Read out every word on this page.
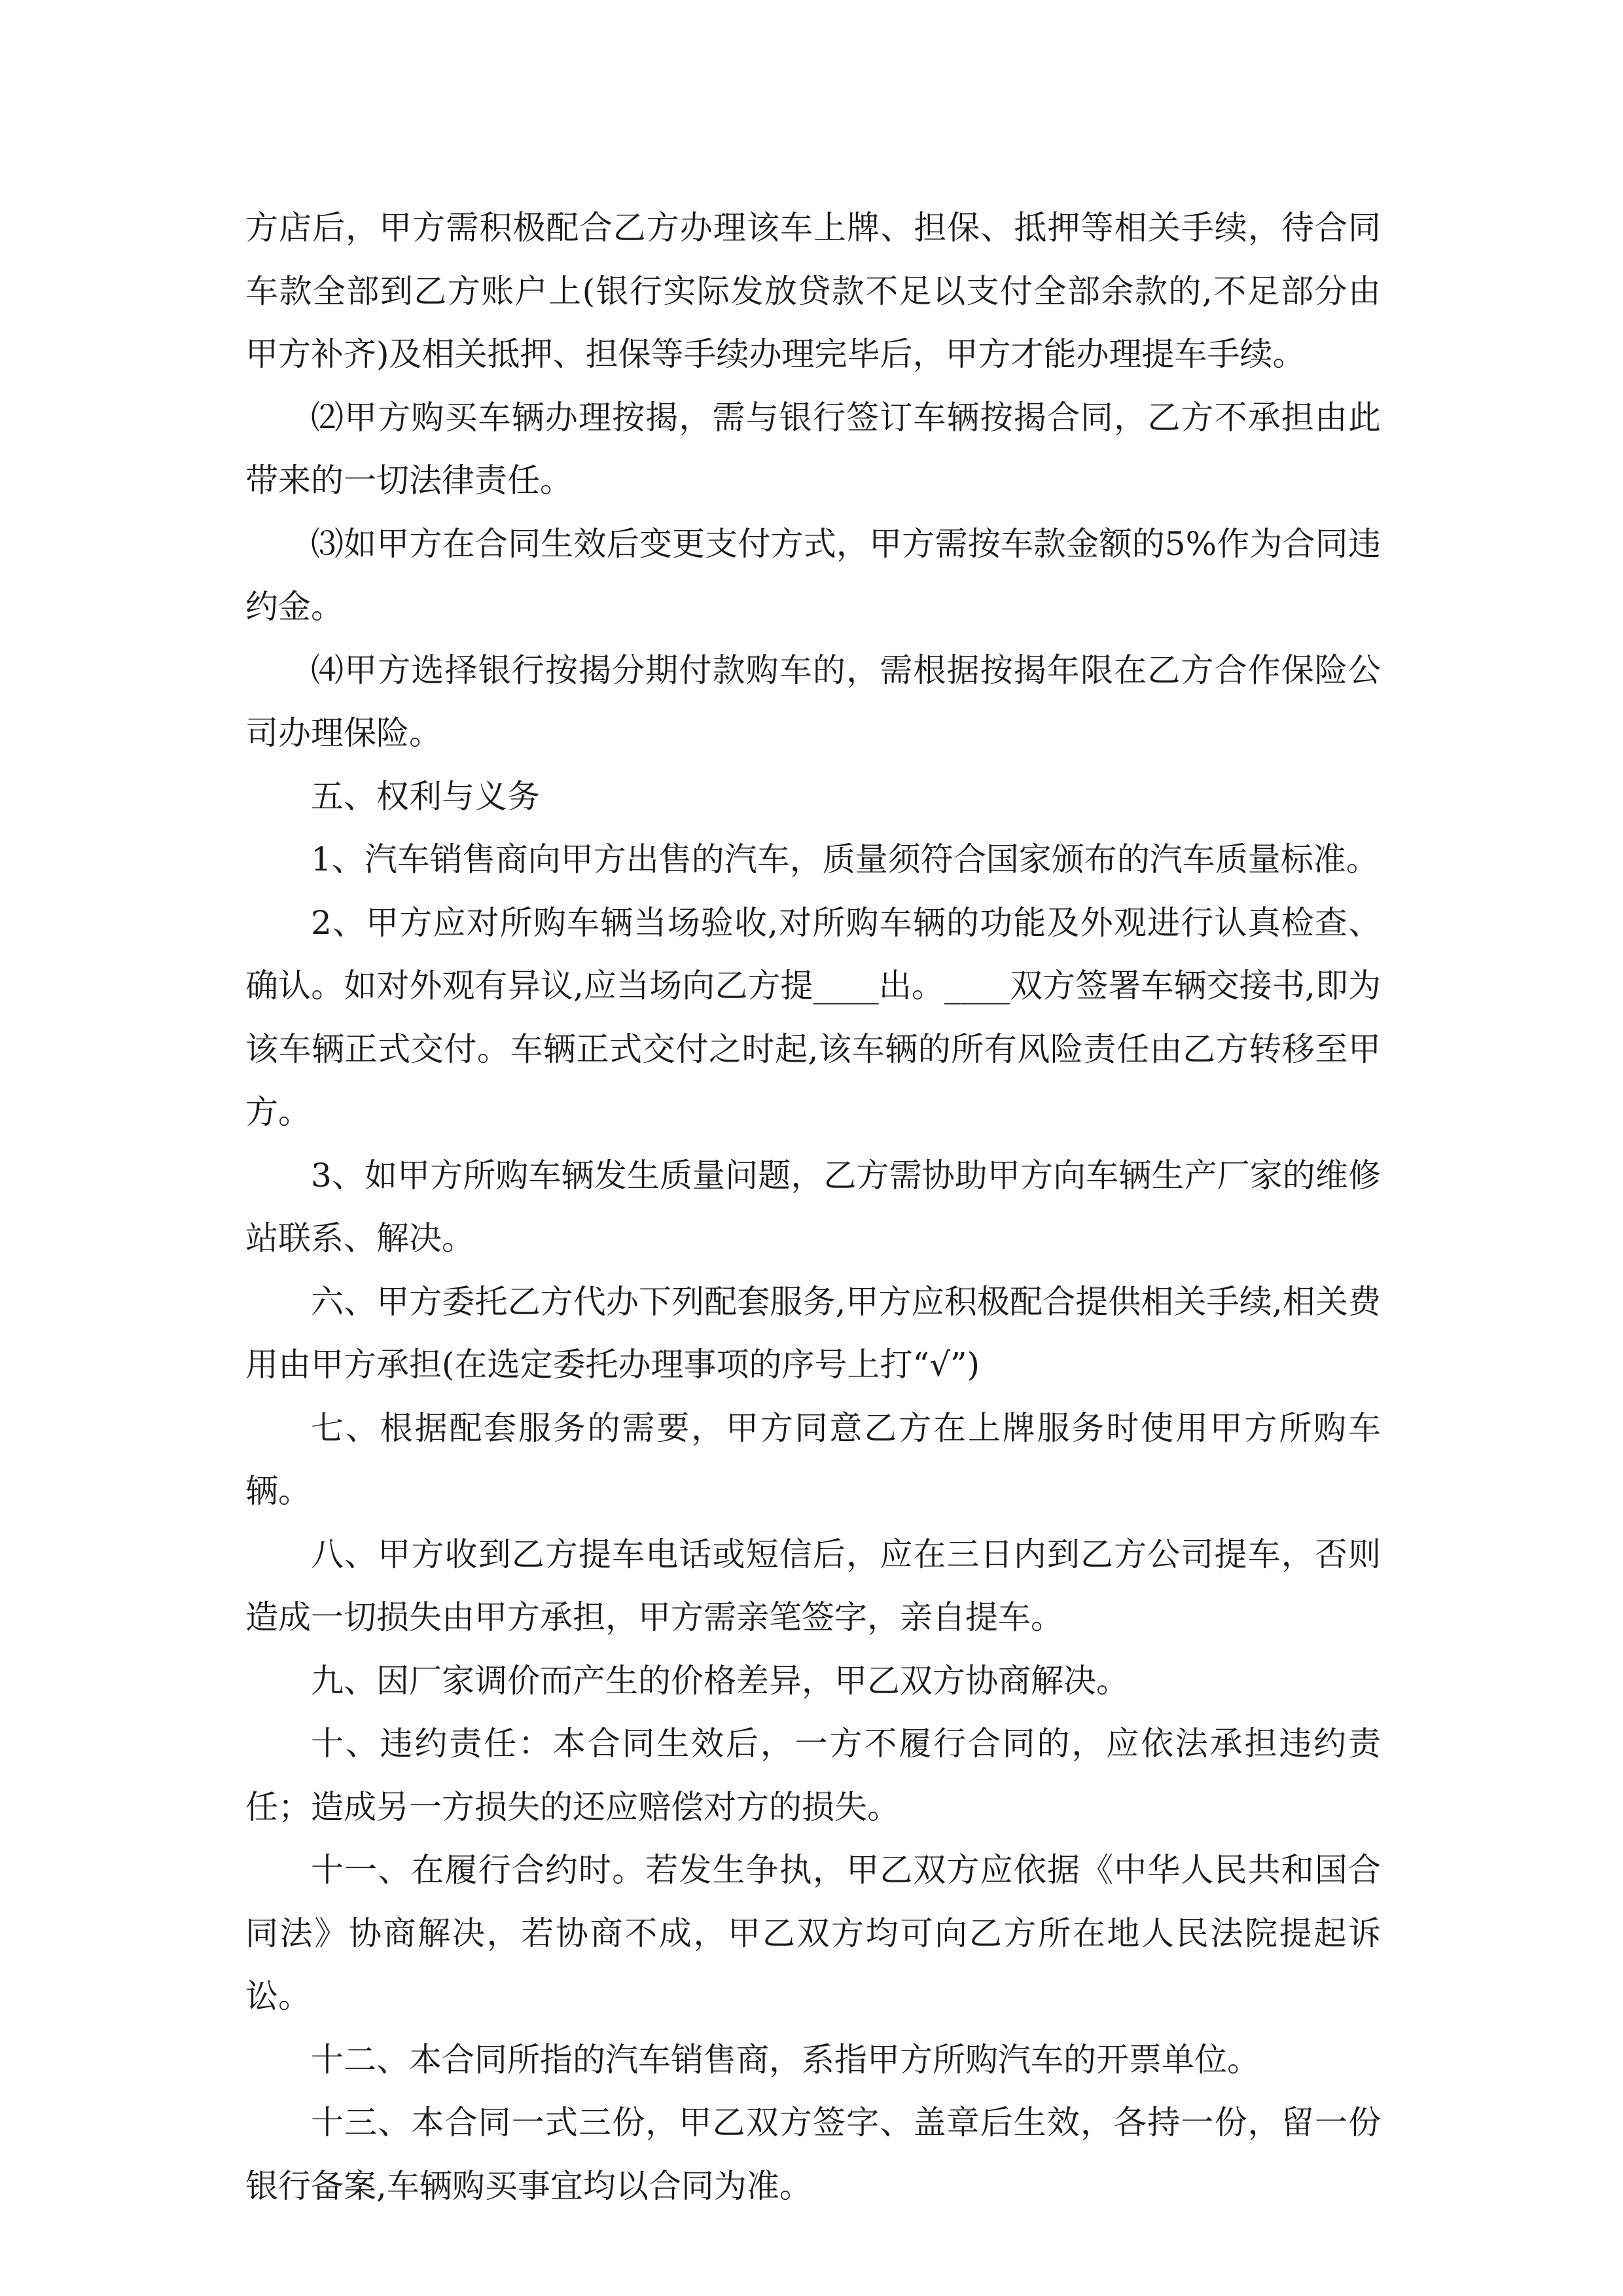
方店后，甲方需积极配合乙方办理该车上牌、担保、抵押等相关手续，待合同车款全部到乙方账户上(银行实际发放贷款不足以支付全部余款的,不足部分由甲方补齐)及相关抵押、担保等手续办理完毕后，甲方才能办理提车手续。

⑵甲方购买车辆办理按揭，需与银行签订车辆按揭合同，乙方不承担由此带来的一切法律责任。

⑶如甲方在合同生效后变更支付方式，甲方需按车款金额的5%作为合同违约金。

⑷甲方选择银行按揭分期付款购车的，需根据按揭年限在乙方合作保险公司办理保险。

五、权利与义务

1、汽车销售商向甲方出售的汽车，质量须符合国家颁布的汽车质量标准。

2、甲方应对所购车辆当场验收,对所购车辆的功能及外观进行认真检查、确认。如对外观有异议,应当场向乙方提____出。____双方签署车辆交接书,即为该车辆正式交付。车辆正式交付之时起,该车辆的所有风险责任由乙方转移至甲方。

3、如甲方所购车辆发生质量问题，乙方需协助甲方向车辆生产厂家的维修站联系、解决。

六、甲方委托乙方代办下列配套服务,甲方应积极配合提供相关手续,相关费用由甲方承担(在选定委托办理事项的序号上打“√”)

七、根据配套服务的需要，甲方同意乙方在上牌服务时使用甲方所购车辆。

八、甲方收到乙方提车电话或短信后，应在三日内到乙方公司提车，否则造成一切损失由甲方承担，甲方需亲笔签字，亲自提车。

九、因厂家调价而产生的价格差异，甲乙双方协商解决。

十、违约责任：本合同生效后，一方不履行合同的，应依法承担违约责任；造成另一方损失的还应赔偿对方的损失。

十一、在履行合约时。若发生争执，甲乙双方应依据《中华人民共和国合同法》协商解决，若协商不成，甲乙双方均可向乙方所在地人民法院提起诉讼。

十二、本合同所指的汽车销售商，系指甲方所购汽车的开票单位。

十三、本合同一式三份，甲乙双方签字、盖章后生效，各持一份，留一份银行备案,车辆购买事宜均以合同为准。
